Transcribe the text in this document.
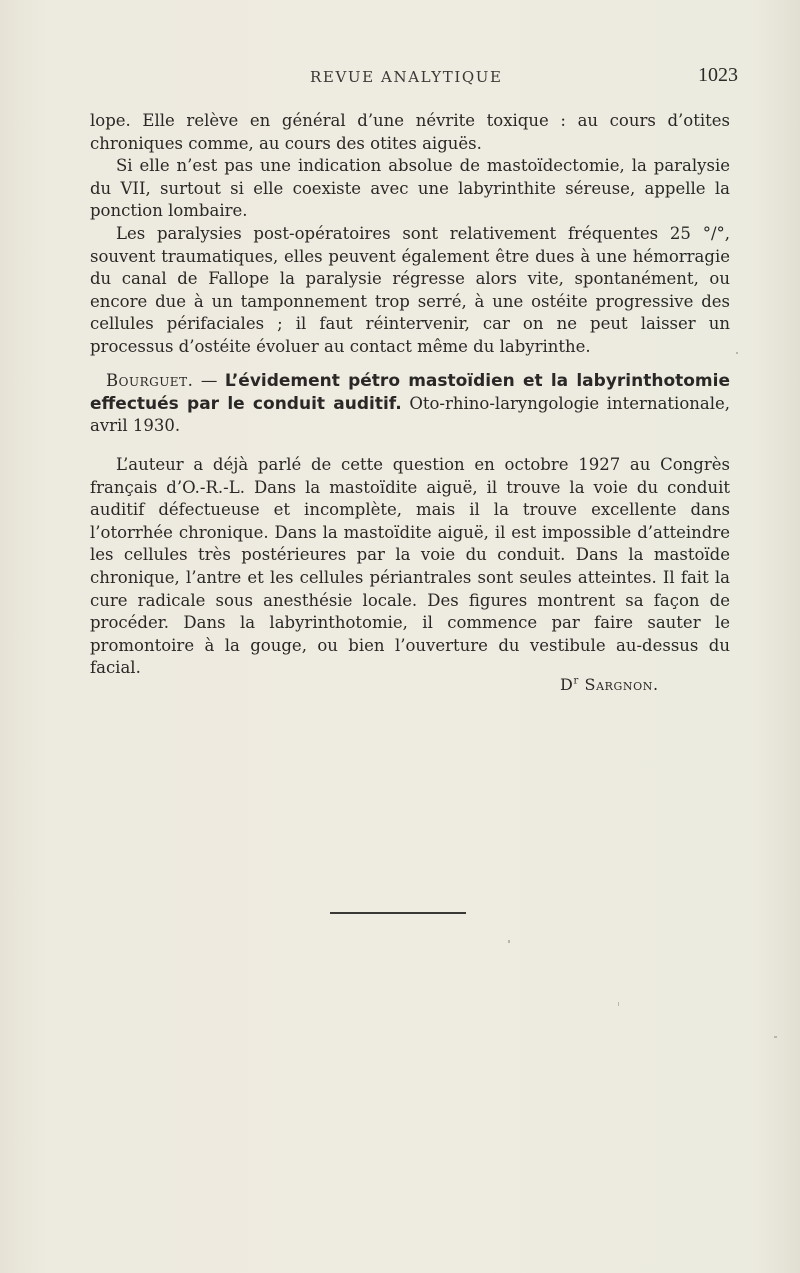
REVUE ANALYTIQUE	1023

lope. Elle relève en général d’une névrite toxique : au cours d’otites chroniques comme, au cours des otites aiguës.

Si elle n’est pas une indication absolue de mastoïdectomie, la paralysie du VII, surtout si elle coexiste avec une labyrinthite séreuse, appelle la ponction lombaire.

Les paralysies post-opératoires sont relativement fréquentes 25 °/°, souvent traumatiques, elles peuvent également être dues à une hémorragie du canal de Fallope la paralysie régresse alors vite, spontanément, ou encore due à un tamponnement trop serré, à une ostéite progressive des cellules périfaciales ; il faut réintervenir, car on ne peut laisser un processus d’ostéite évoluer au contact même du labyrinthe.

Bourguet. — L’évidement pétro mastoïdien et la labyrinthotomie effectués par le conduit auditif. Oto-rhino-laryngologie internationale, avril 1930.

L’auteur a déjà parlé de cette question en octobre 1927 au Congrès français d’O.-R.-L. Dans la mastoïdite aiguë, il trouve la voie du conduit auditif défectueuse et incomplète, mais il la trouve excellente dans l’otorrhée chronique. Dans la mastoïdite aiguë, il est impossible d’atteindre les cellules très postérieures par la voie du conduit. Dans la mastoïde chronique, l’antre et les cellules périantrales sont seules atteintes. Il fait la cure radicale sous anesthésie locale. Des figures montrent sa façon de procéder. Dans la labyrinthotomie, il commence par faire sauter le promontoire à la gouge, ou bien l’ouverture du vestibule au-dessus du facial.

$D^r$ Sargnon.
